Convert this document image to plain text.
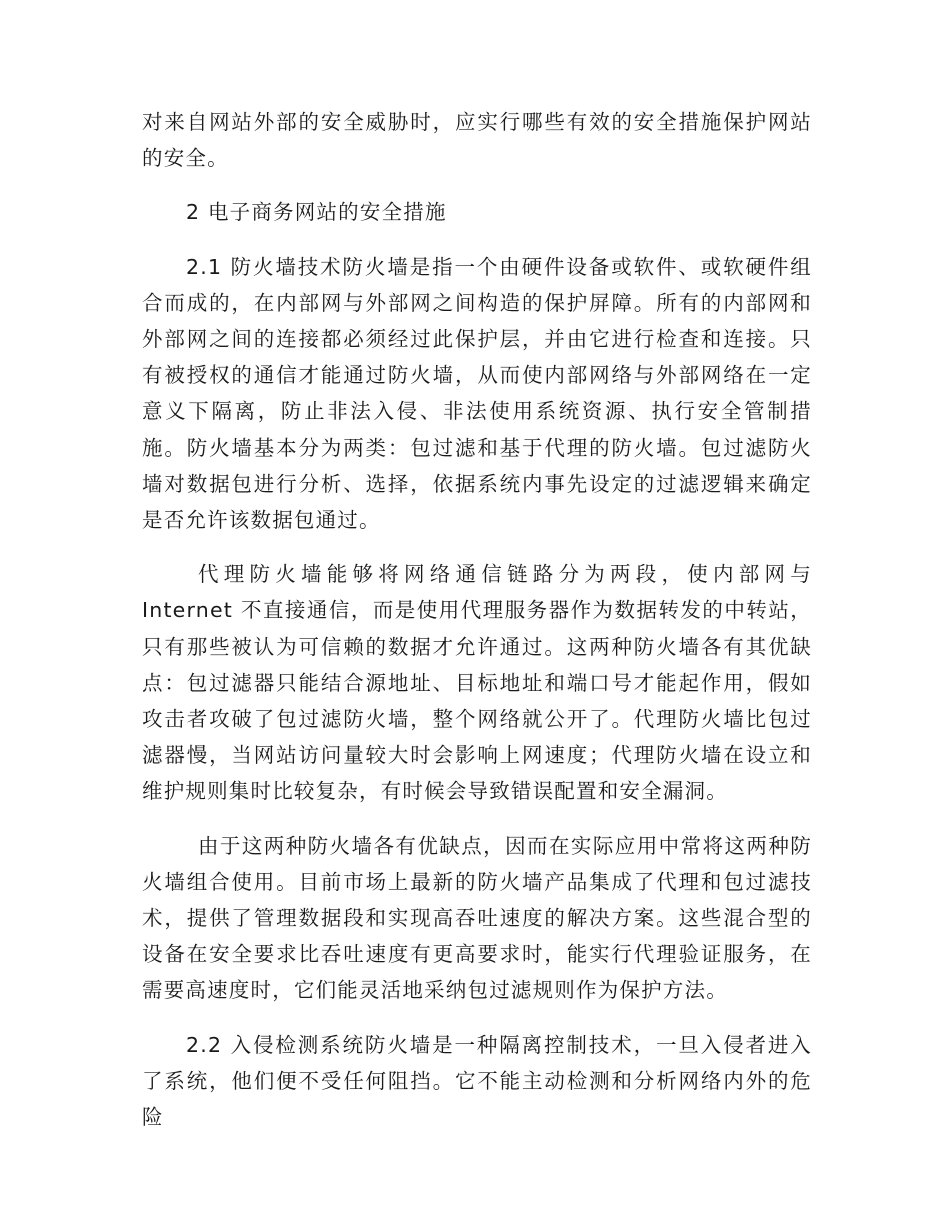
对来自网站外部的安全威胁时，应实行哪些有效的安全措施保护网站的安全。

2 电子商务网站的安全措施

2.1 防火墙技术防火墙是指一个由硬件设备或软件、或软硬件组合而成的，在内部网与外部网之间构造的保护屏障。所有的内部网和外部网之间的连接都必须经过此保护层，并由它进行检查和连接。只有被授权的通信才能通过防火墙，从而使内部网络与外部网络在一定意义下隔离，防止非法入侵、非法使用系统资源、执行安全管制措施。防火墙基本分为两类：包过滤和基于代理的防火墙。包过滤防火墙对数据包进行分析、选择，依据系统内事先设定的过滤逻辑来确定是否允许该数据包通过。

代理防火墙能够将网络通信链路分为两段，使内部网与 Internet 不直接通信，而是使用代理服务器作为数据转发的中转站，只有那些被认为可信赖的数据才允许通过。这两种防火墙各有其优缺点：包过滤器只能结合源地址、目标地址和端口号才能起作用，假如攻击者攻破了包过滤防火墙，整个网络就公开了。代理防火墙比包过滤器慢，当网站访问量较大时会影响上网速度；代理防火墙在设立和维护规则集时比较复杂，有时候会导致错误配置和安全漏洞。

由于这两种防火墙各有优缺点，因而在实际应用中常将这两种防火墙组合使用。目前市场上最新的防火墙产品集成了代理和包过滤技术，提供了管理数据段和实现高吞吐速度的解决方案。这些混合型的设备在安全要求比吞吐速度有更高要求时，能实行代理验证服务，在需要高速度时，它们能灵活地采纳包过滤规则作为保护方法。

2.2 入侵检测系统防火墙是一种隔离控制技术，一旦入侵者进入了系统，他们便不受任何阻挡。它不能主动检测和分析网络内外的危险
